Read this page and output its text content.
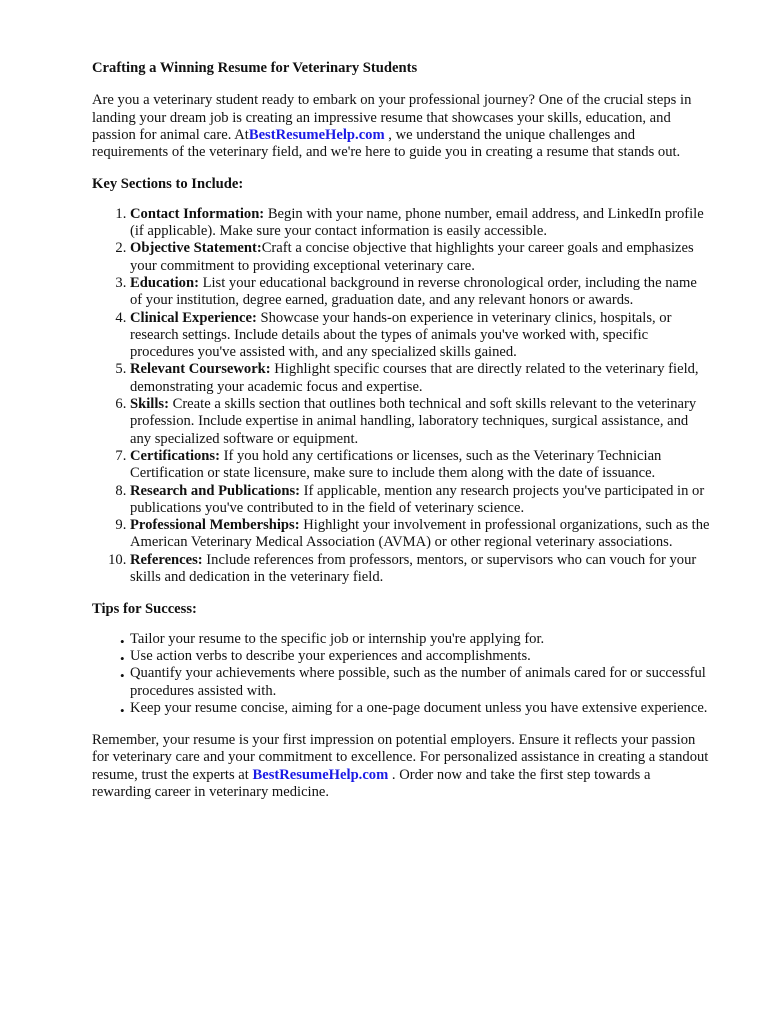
Crafting a Winning Resume for Veterinary Students

Are you a veterinary student ready to embark on your professional journey? One of the crucial steps in landing your dream job is creating an impressive resume that showcases your skills, education, and passion for animal care. AtBestResumeHelp.com , we understand the unique challenges and requirements of the veterinary field, and we're here to guide you in creating a resume that stands out.

Key Sections to Include:

1. Contact Information: Begin with your name, phone number, email address, and LinkedIn profile (if applicable). Make sure your contact information is easily accessible.
2. Objective Statement:Craft a concise objective that highlights your career goals and emphasizes your commitment to providing exceptional veterinary care.
3. Education: List your educational background in reverse chronological order, including the name of your institution, degree earned, graduation date, and any relevant honors or awards.
4. Clinical Experience: Showcase your hands-on experience in veterinary clinics, hospitals, or research settings. Include details about the types of animals you've worked with, specific procedures you've assisted with, and any specialized skills gained.
5. Relevant Coursework: Highlight specific courses that are directly related to the veterinary field, demonstrating your academic focus and expertise.
6. Skills: Create a skills section that outlines both technical and soft skills relevant to the veterinary profession. Include expertise in animal handling, laboratory techniques, surgical assistance, and any specialized software or equipment.
7. Certifications: If you hold any certifications or licenses, such as the Veterinary Technician Certification or state licensure, make sure to include them along with the date of issuance.
8. Research and Publications: If applicable, mention any research projects you've participated in or publications you've contributed to in the field of veterinary science.
9. Professional Memberships: Highlight your involvement in professional organizations, such as the American Veterinary Medical Association (AVMA) or other regional veterinary associations.
10. References: Include references from professors, mentors, or supervisors who can vouch for your skills and dedication in the veterinary field.

Tips for Success:

• Tailor your resume to the specific job or internship you're applying for.
• Use action verbs to describe your experiences and accomplishments.
• Quantify your achievements where possible, such as the number of animals cared for or successful procedures assisted with.
• Keep your resume concise, aiming for a one-page document unless you have extensive experience.

Remember, your resume is your first impression on potential employers. Ensure it reflects your passion for veterinary care and your commitment to excellence. For personalized assistance in creating a standout resume, trust the experts at BestResumeHelp.com . Order now and take the first step towards a rewarding career in veterinary medicine.
